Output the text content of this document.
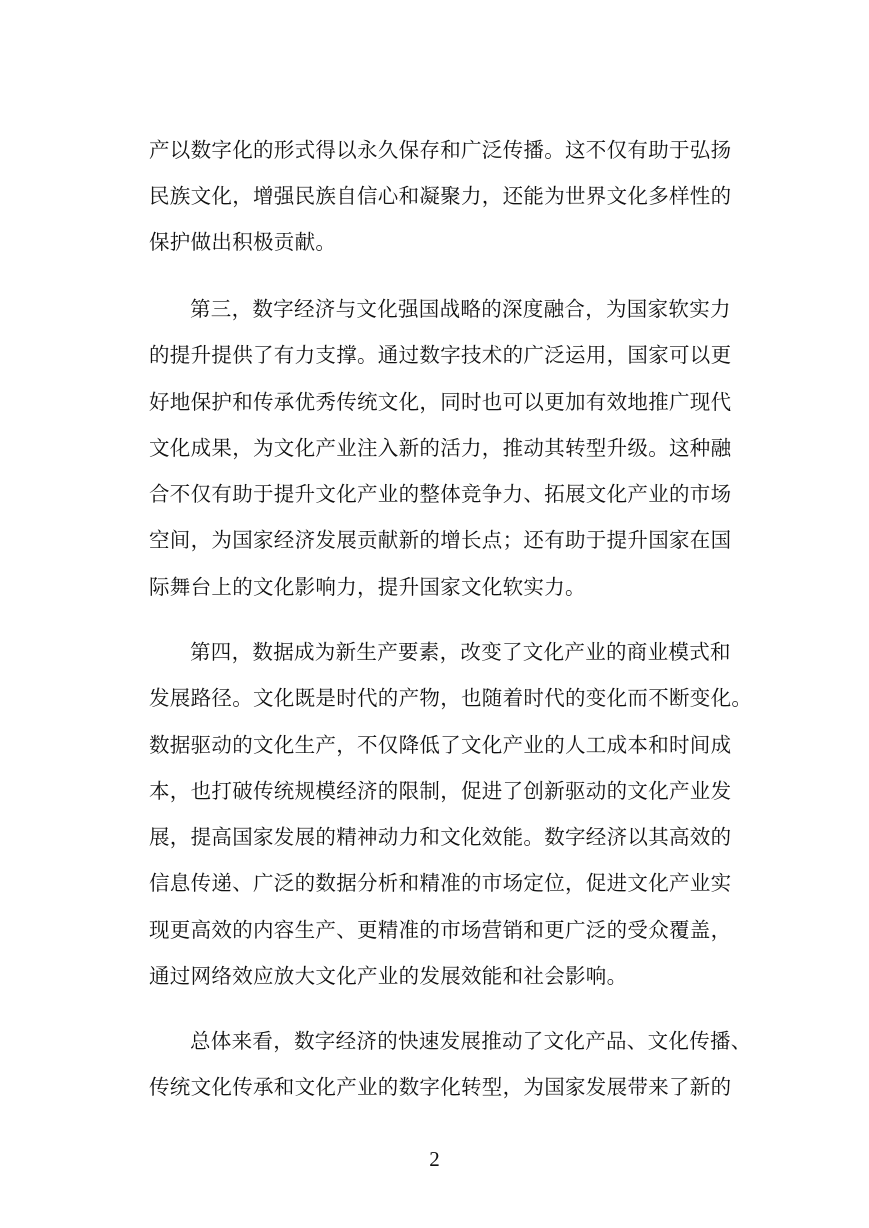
产以数字化的形式得以永久保存和广泛传播。这不仅有助于弘扬
民族文化，增强民族自信心和凝聚力，还能为世界文化多样性的
保护做出积极贡献。
第三，数字经济与文化强国战略的深度融合，为国家软实力
的提升提供了有力支撑。通过数字技术的广泛运用，国家可以更
好地保护和传承优秀传统文化，同时也可以更加有效地推广现代
文化成果，为文化产业注入新的活力，推动其转型升级。这种融
合不仅有助于提升文化产业的整体竞争力、拓展文化产业的市场
空间，为国家经济发展贡献新的增长点；还有助于提升国家在国
际舞台上的文化影响力，提升国家文化软实力。
第四，数据成为新生产要素，改变了文化产业的商业模式和
发展路径。文化既是时代的产物，也随着时代的变化而不断变化。
数据驱动的文化生产，不仅降低了文化产业的人工成本和时间成
本，也打破传统规模经济的限制，促进了创新驱动的文化产业发
展，提高国家发展的精神动力和文化效能。数字经济以其高效的
信息传递、广泛的数据分析和精准的市场定位，促进文化产业实
现更高效的内容生产、更精准的市场营销和更广泛的受众覆盖，
通过网络效应放大文化产业的发展效能和社会影响。
总体来看，数字经济的快速发展推动了文化产品、文化传播、
传统文化传承和文化产业的数字化转型，为国家发展带来了新的
2
